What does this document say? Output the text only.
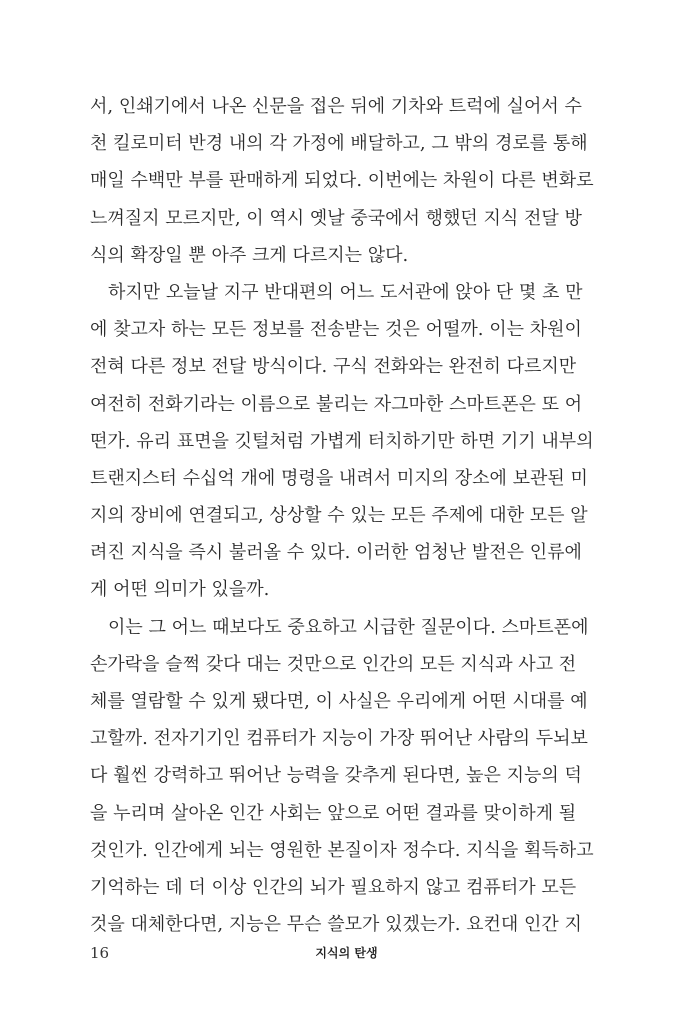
서, 인쇄기에서 나온 신문을 접은 뒤에 기차와 트럭에 실어서 수
천 킬로미터 반경 내의 각 가정에 배달하고, 그 밖의 경로를 통해
매일 수백만 부를 판매하게 되었다. 이번에는 차원이 다른 변화로
느껴질지 모르지만, 이 역시 옛날 중국에서 행했던 지식 전달 방
식의 확장일 뿐 아주 크게 다르지는 않다.
하지만 오늘날 지구 반대편의 어느 도서관에 앉아 단 몇 초 만
에 찾고자 하는 모든 정보를 전송받는 것은 어떨까. 이는 차원이
전혀 다른 정보 전달 방식이다. 구식 전화와는 완전히 다르지만
여전히 전화기라는 이름으로 불리는 자그마한 스마트폰은 또 어
떤가. 유리 표면을 깃털처럼 가볍게 터치하기만 하면 기기 내부의
트랜지스터 수십억 개에 명령을 내려서 미지의 장소에 보관된 미
지의 장비에 연결되고, 상상할 수 있는 모든 주제에 대한 모든 알
려진 지식을 즉시 불러올 수 있다. 이러한 엄청난 발전은 인류에
게 어떤 의미가 있을까.
이는 그 어느 때보다도 중요하고 시급한 질문이다. 스마트폰에
손가락을 슬쩍 갖다 대는 것만으로 인간의 모든 지식과 사고 전
체를 열람할 수 있게 됐다면, 이 사실은 우리에게 어떤 시대를 예
고할까. 전자기기인 컴퓨터가 지능이 가장 뛰어난 사람의 두뇌보
다 훨씬 강력하고 뛰어난 능력을 갖추게 된다면, 높은 지능의 덕
을 누리며 살아온 인간 사회는 앞으로 어떤 결과를 맞이하게 될
것인가. 인간에게 뇌는 영원한 본질이자 정수다. 지식을 획득하고
기억하는 데 더 이상 인간의 뇌가 필요하지 않고 컴퓨터가 모든
것을 대체한다면, 지능은 무슨 쓸모가 있겠는가. 요컨대 인간 지
16	지식의 탄생
